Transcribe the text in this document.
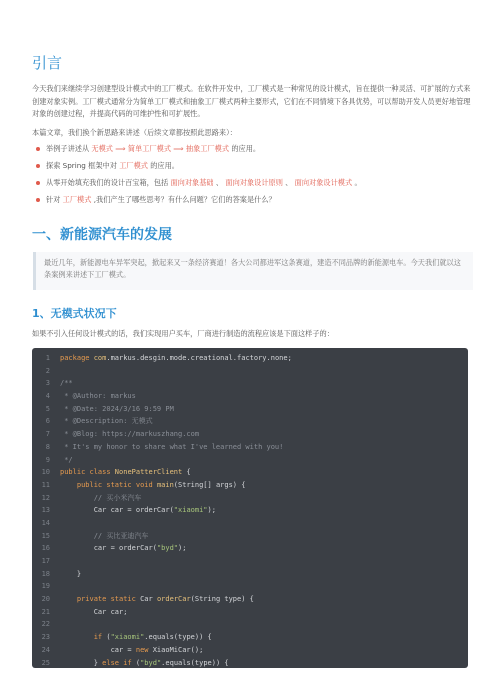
引言

今天我们来继续学习创建型设计模式中的工厂模式。在软件开发中，工厂模式是一种常见的设计模式，旨在提供一种灵活、可扩展的方式来创建对象实例。工厂模式通常分为简单工厂模式和抽象工厂模式两种主要形式，它们在不同情境下各具优势，可以帮助开发人员更好地管理对象的创建过程，并提高代码的可维护性和可扩展性。

本篇文章，我们换个新思路来讲述（后续文章都按照此思路来）：

举例子讲述从 无模式 ⟹ 简单工厂模式 ⟹ 抽象工厂模式 的应用。
探索 Spring 框架中对 工厂模式 的应用。
从零开始填充我们的设计百宝箱，包括 面向对象基础 、 面向对象设计原则 、 面向对象设计模式 。
针对 工厂模式 ,我们产生了哪些思考？有什么问题？它们的答案是什么？
一、新能源汽车的发展
最近几年，新能源电车异军突起，掀起来又一条经济赛道！各大公司都进军这条赛道，建造不同品牌的新能源电车。今天我们就以这条案例来讲述下工厂模式。
1、无模式状况下

如果不引入任何设计模式的话，我们实现用户买车，厂商进行制造的流程应该是下面这样子的：

1 package com.markus.desgin.mode.creational.factory.none;
2
3 /**
4 * @Author: markus
5 * @Date: 2024/3/16 9:59 PM
6 * @Description: 无模式
7 * @Blog: https://markuszhang.com
8 * It's my honor to share what I've learned with you!
9 */
10 public class NonePatterClient {
11 public static void main(String[] args) {
12 // 买小米汽车
13 Car car = orderCar("xiaomi");
14
15 // 买比亚迪汽车
16 car = orderCar("byd");
17
18 }
19
20 private static Car orderCar(String type) {
21 Car car;
22
23 if ("xiaomi".equals(type)) {
24 car = new XiaoMiCar();
25 } else if ("byd".equals(type)) {
